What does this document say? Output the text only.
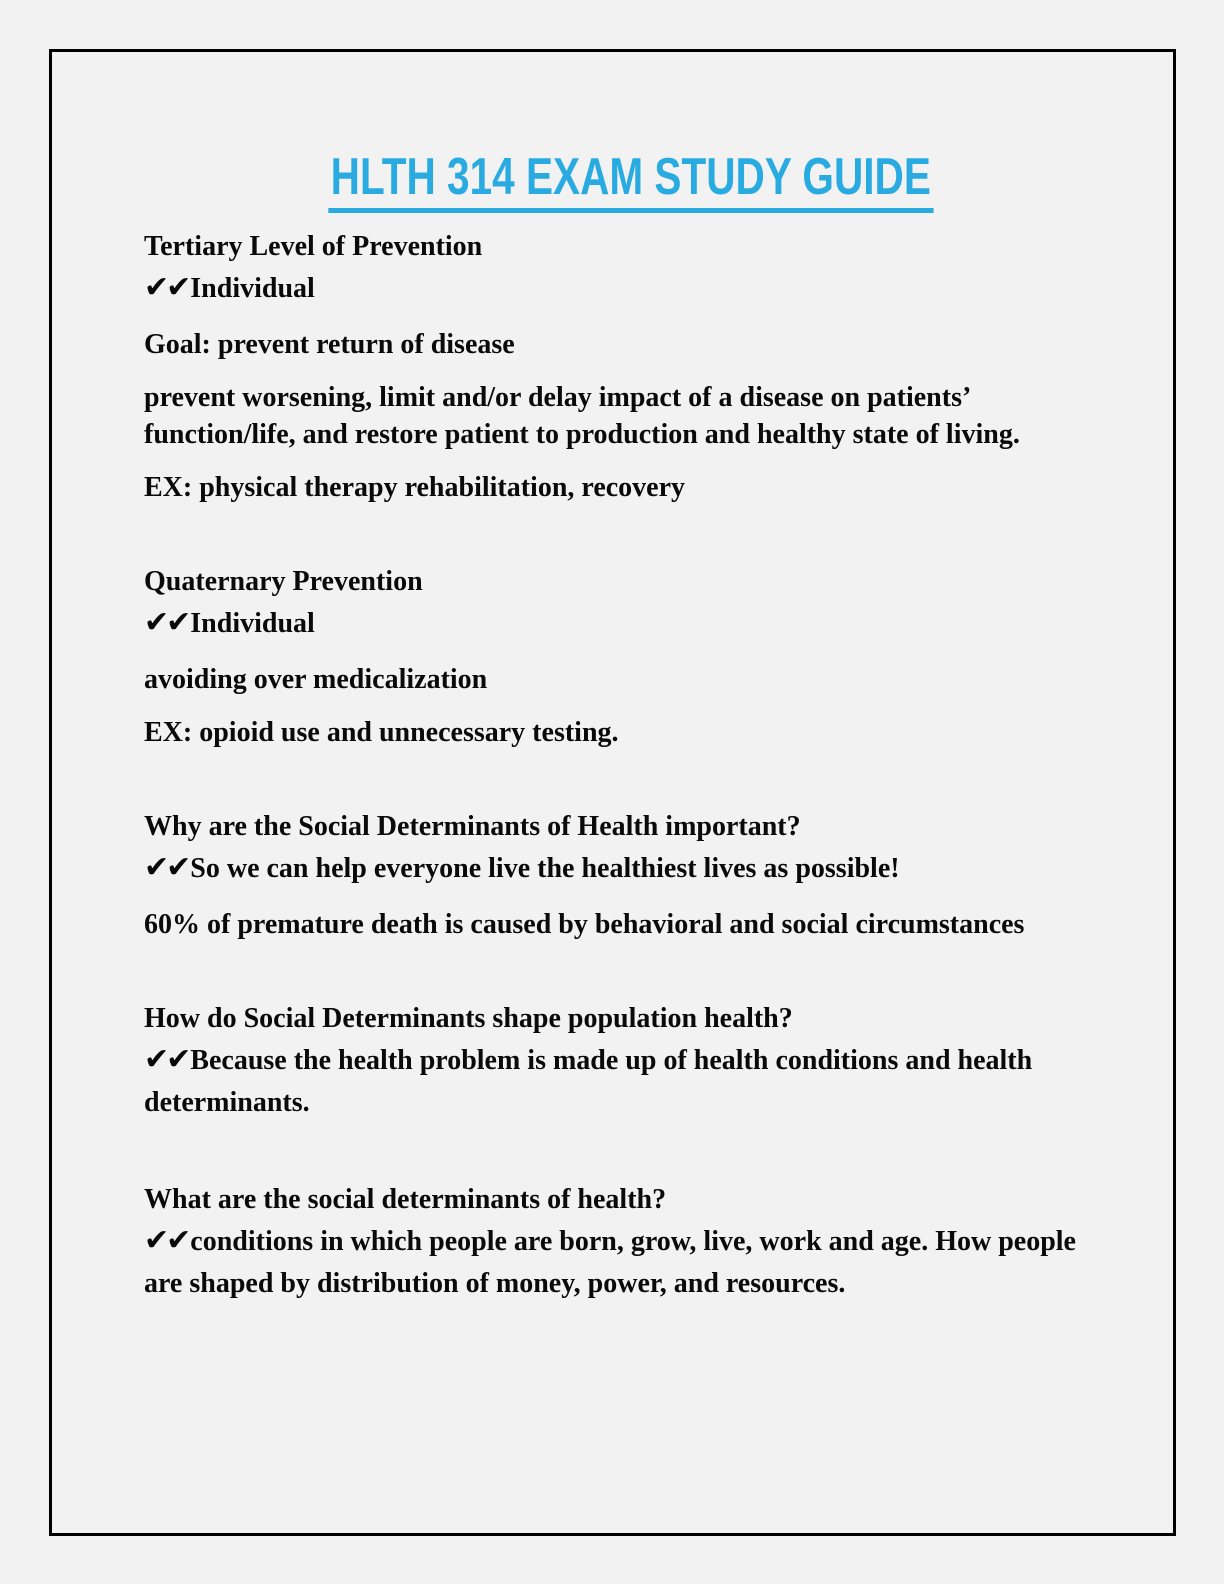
HLTH 314 EXAM STUDY GUIDE

Tertiary Level of Prevention

✔✔Individual

Goal: prevent return of disease

prevent worsening, limit and/or delay impact of a disease on patients’ function/life, and restore patient to production and healthy state of living.

EX: physical therapy rehabilitation, recovery

Quaternary Prevention

✔✔Individual

avoiding over medicalization

EX: opioid use and unnecessary testing.

Why are the Social Determinants of Health important?

✔✔So we can help everyone live the healthiest lives as possible!

60% of premature death is caused by behavioral and social circumstances

How do Social Determinants shape population health?

✔✔Because the health problem is made up of health conditions and health determinants.

What are the social determinants of health?

✔✔conditions in which people are born, grow, live, work and age. How people are shaped by distribution of money, power, and resources.
